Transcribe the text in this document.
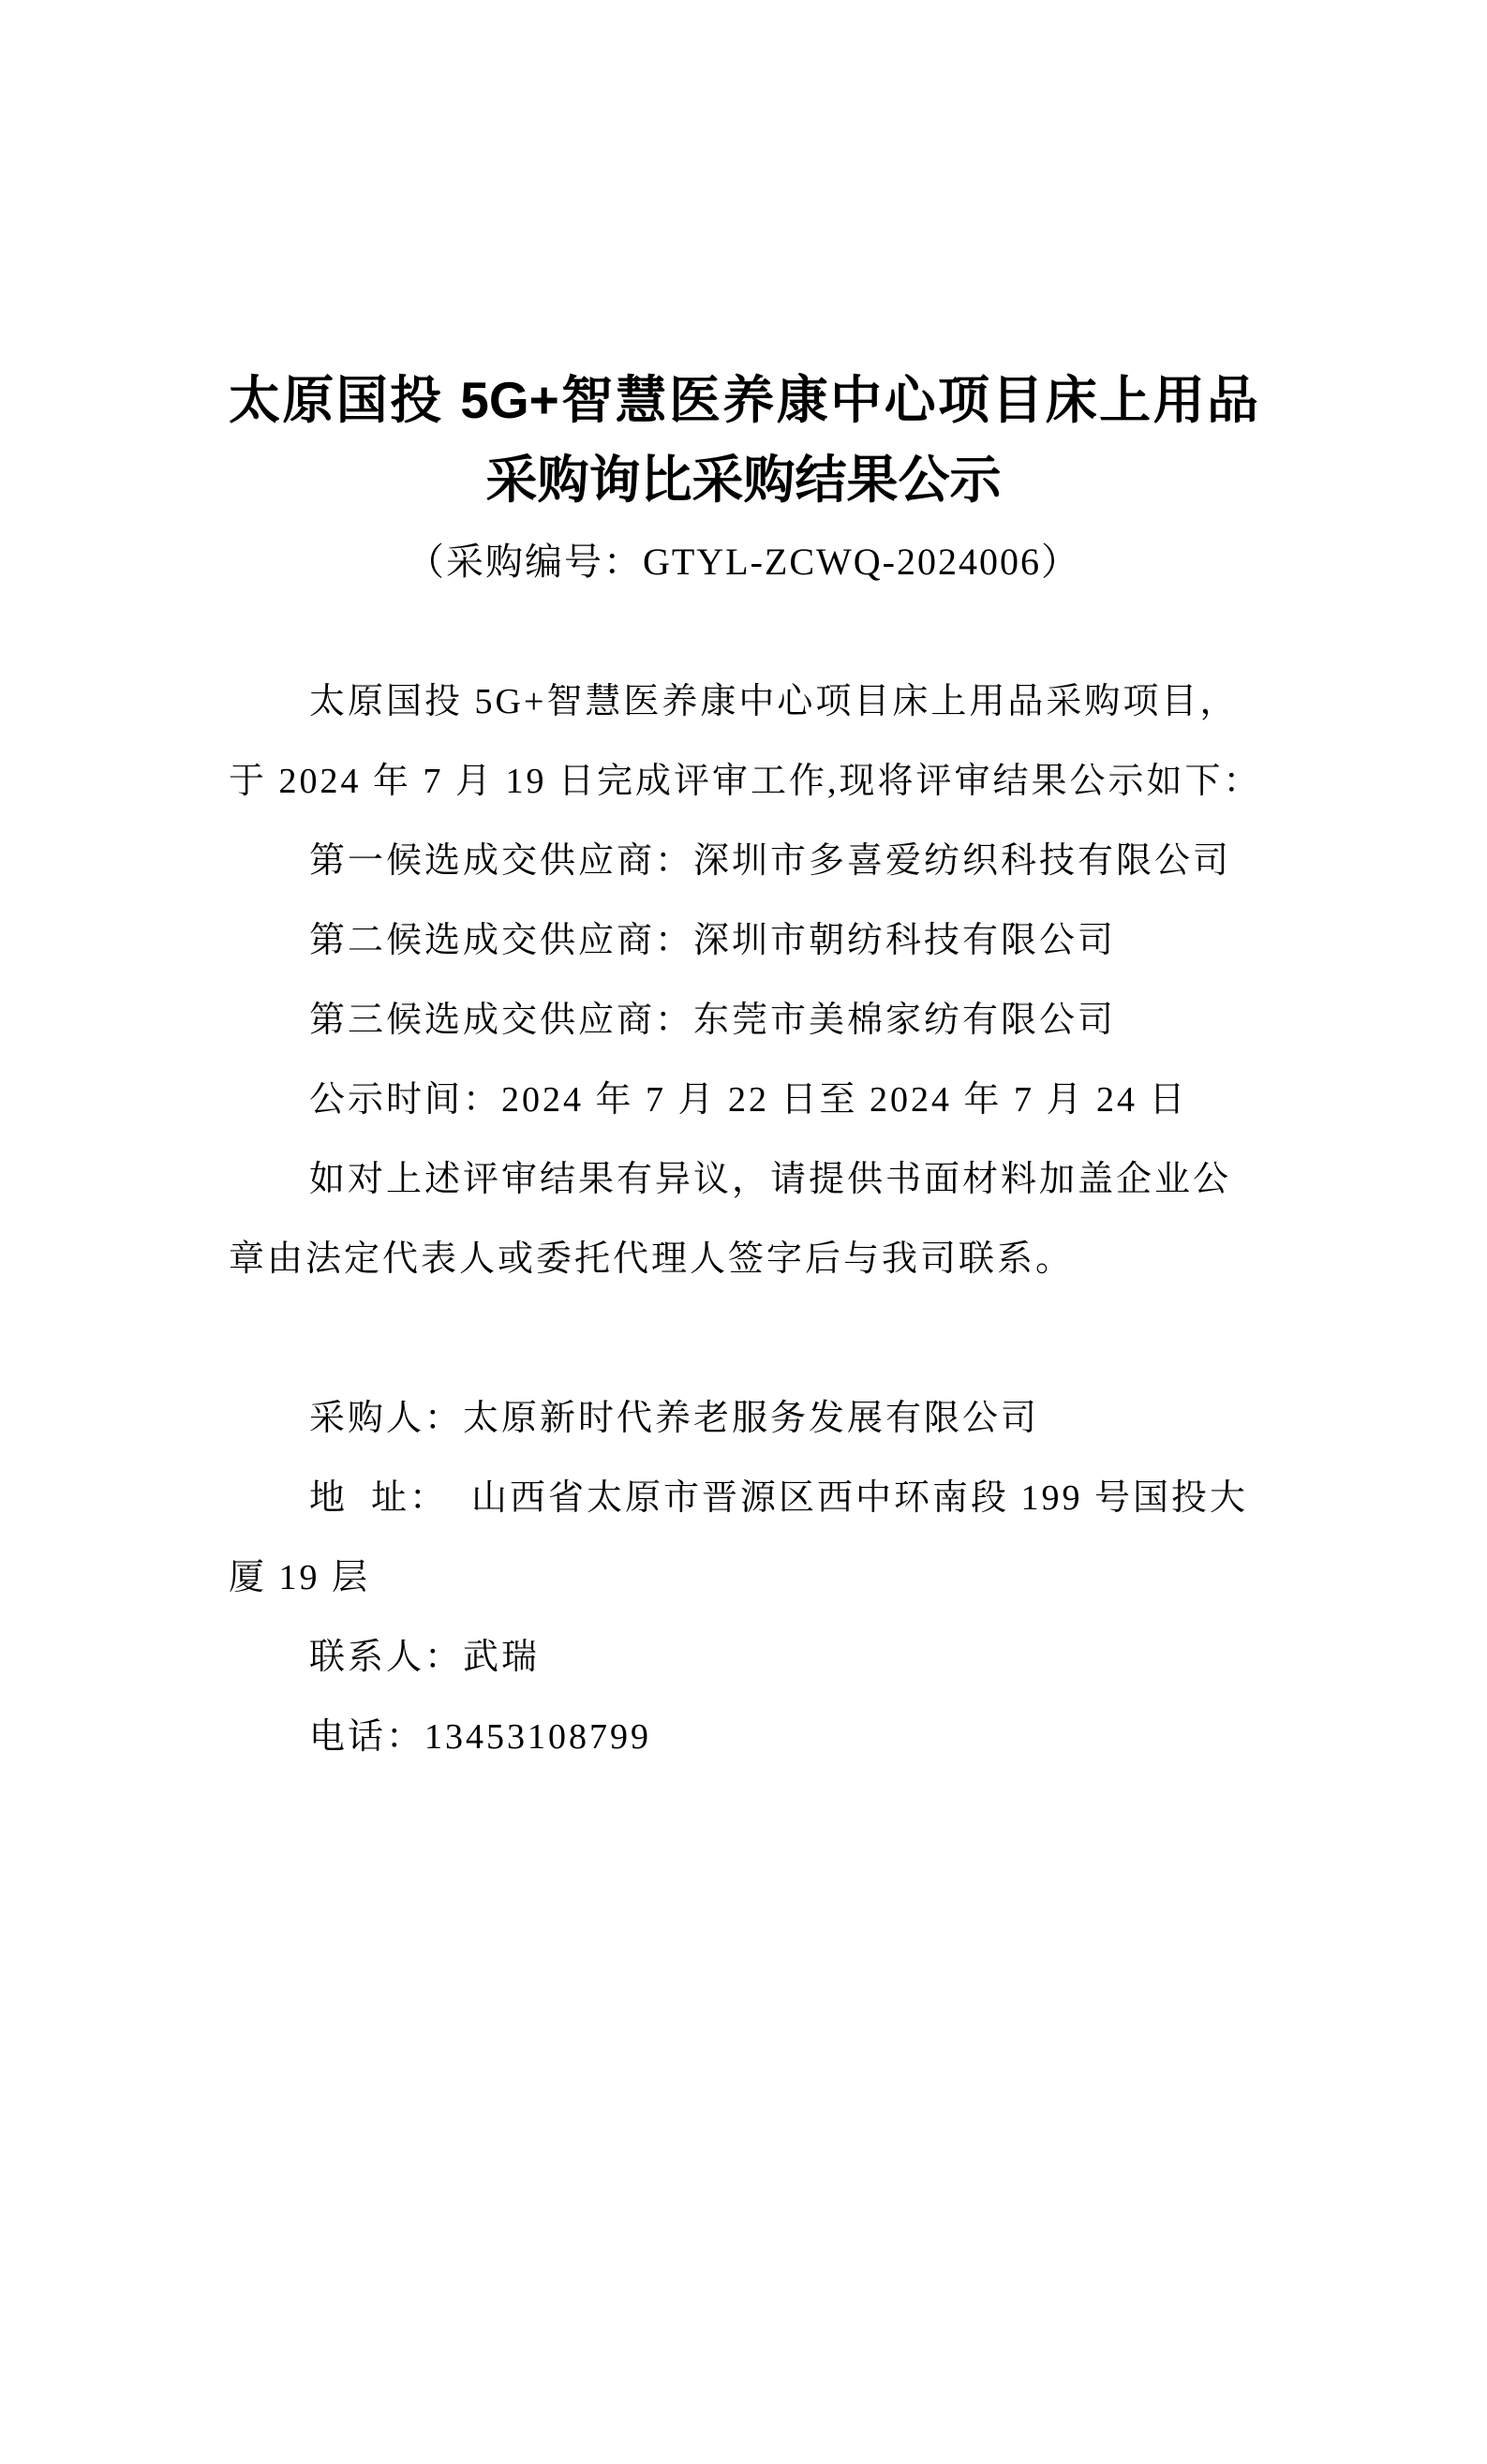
太原国投 5G+智慧医养康中心项目床上用品
采购询比采购结果公示
（采购编号：GTYL-ZCWQ-2024006）
太原国投 5G+智慧医养康中心项目床上用品采购项目，
于 2024 年 7 月 19 日完成评审工作,现将评审结果公示如下：
第一候选成交供应商：深圳市多喜爱纺织科技有限公司
第二候选成交供应商：深圳市朝纺科技有限公司
第三候选成交供应商：东莞市美棉家纺有限公司
公示时间：2024 年 7 月 22 日至 2024 年 7 月 24 日
如对上述评审结果有异议，请提供书面材料加盖企业公
章由法定代表人或委托代理人签字后与我司联系。
采购人：太原新时代养老服务发展有限公司
地  址：  山西省太原市晋源区西中环南段 199 号国投大
厦 19 层
联系人：武瑞
电话：13453108799
